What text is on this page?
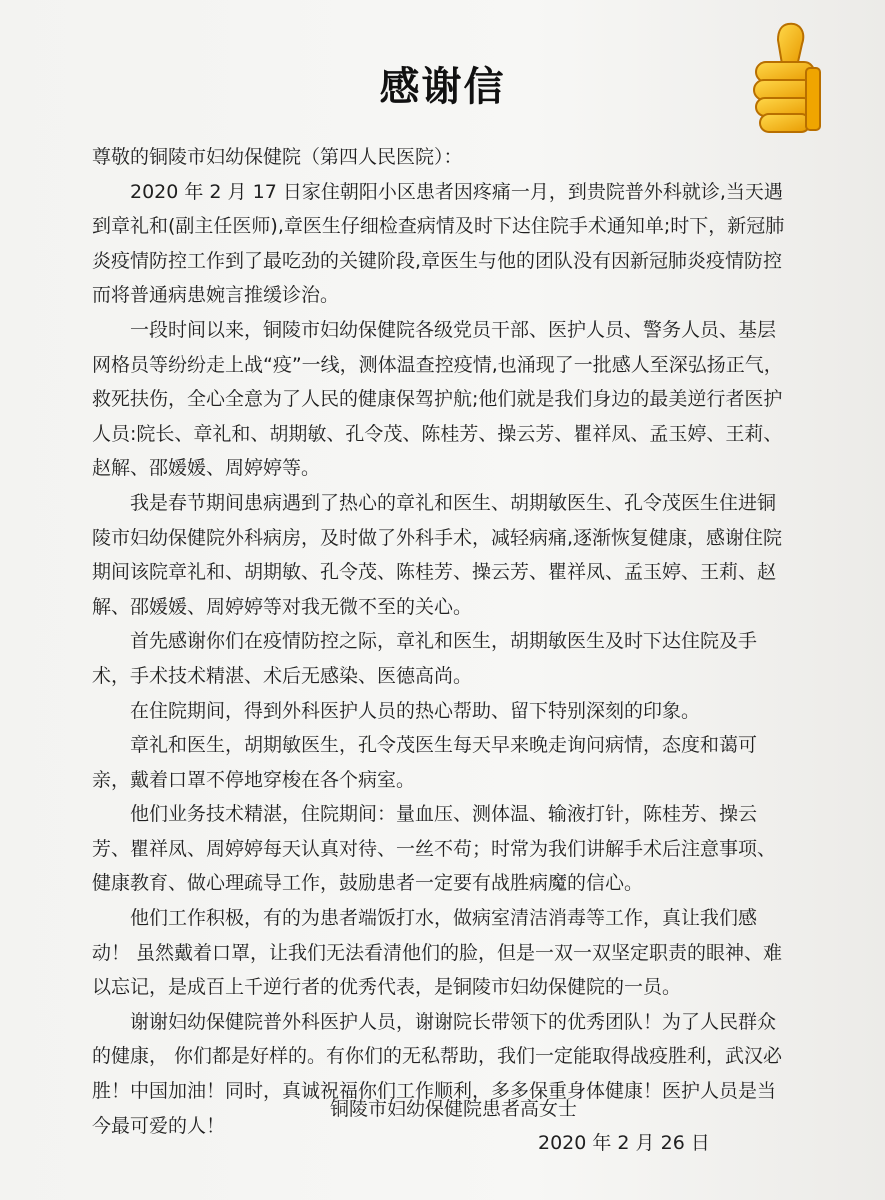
感谢信

尊敬的铜陵市妇幼保健院（第四人民医院）：

2020 年 2 月 17 日家住朝阳小区患者因疼痛一月，到贵院普外科就诊,当天遇到章礼和(副主任医师),章医生仔细检查病情及时下达住院手术通知单;时下，新冠肺炎疫情防控工作到了最吃劲的关键阶段,章医生与他的团队没有因新冠肺炎疫情防控而将普通病患婉言推缓诊治。

一段时间以来，铜陵市妇幼保健院各级党员干部、医护人员、警务人员、基层网格员等纷纷走上战“疫”一线，测体温查控疫情,也涌现了一批感人至深弘扬正气，救死扶伤，全心全意为了人民的健康保驾护航;他们就是我们身边的最美逆行者医护人员:院长、章礼和、胡期敏、孔令茂、陈桂芳、操云芳、瞿祥凤、孟玉婷、王莉、赵解、邵媛媛、周婷婷等。

我是春节期间患病遇到了热心的章礼和医生、胡期敏医生、孔令茂医生住进铜陵市妇幼保健院外科病房，及时做了外科手术，减轻病痛,逐渐恢复健康，感谢住院期间该院章礼和、胡期敏、孔令茂、陈桂芳、操云芳、瞿祥凤、孟玉婷、王莉、赵解、邵媛媛、周婷婷等对我无微不至的关心。

首先感谢你们在疫情防控之际，章礼和医生，胡期敏医生及时下达住院及手术，手术技术精湛、术后无感染、医德高尚。

在住院期间，得到外科医护人员的热心帮助、留下特别深刻的印象。

章礼和医生，胡期敏医生，孔令茂医生每天早来晚走询问病情，态度和蔼可亲，戴着口罩不停地穿梭在各个病室。

他们业务技术精湛，住院期间：量血压、测体温、输液打针，陈桂芳、操云芳、瞿祥凤、周婷婷每天认真对待、一丝不苟；时常为我们讲解手术后注意事项、健康教育、做心理疏导工作，鼓励患者一定要有战胜病魔的信心。

他们工作积极，有的为患者端饭打水，做病室清洁消毒等工作，真让我们感动！ 虽然戴着口罩，让我们无法看清他们的脸，但是一双一双坚定职责的眼神、难以忘记，是成百上千逆行者的优秀代表，是铜陵市妇幼保健院的一员。

谢谢妇幼保健院普外科医护人员，谢谢院长带领下的优秀团队！为了人民群众的健康， 你们都是好样的。有你们的无私帮助，我们一定能取得战疫胜利，武汉必胜！中国加油！同时，真诚祝福你们工作顺利，多多保重身体健康！医护人员是当今最可爱的人！

铜陵市妇幼保健院患者高女士
2020 年 2 月 26 日
